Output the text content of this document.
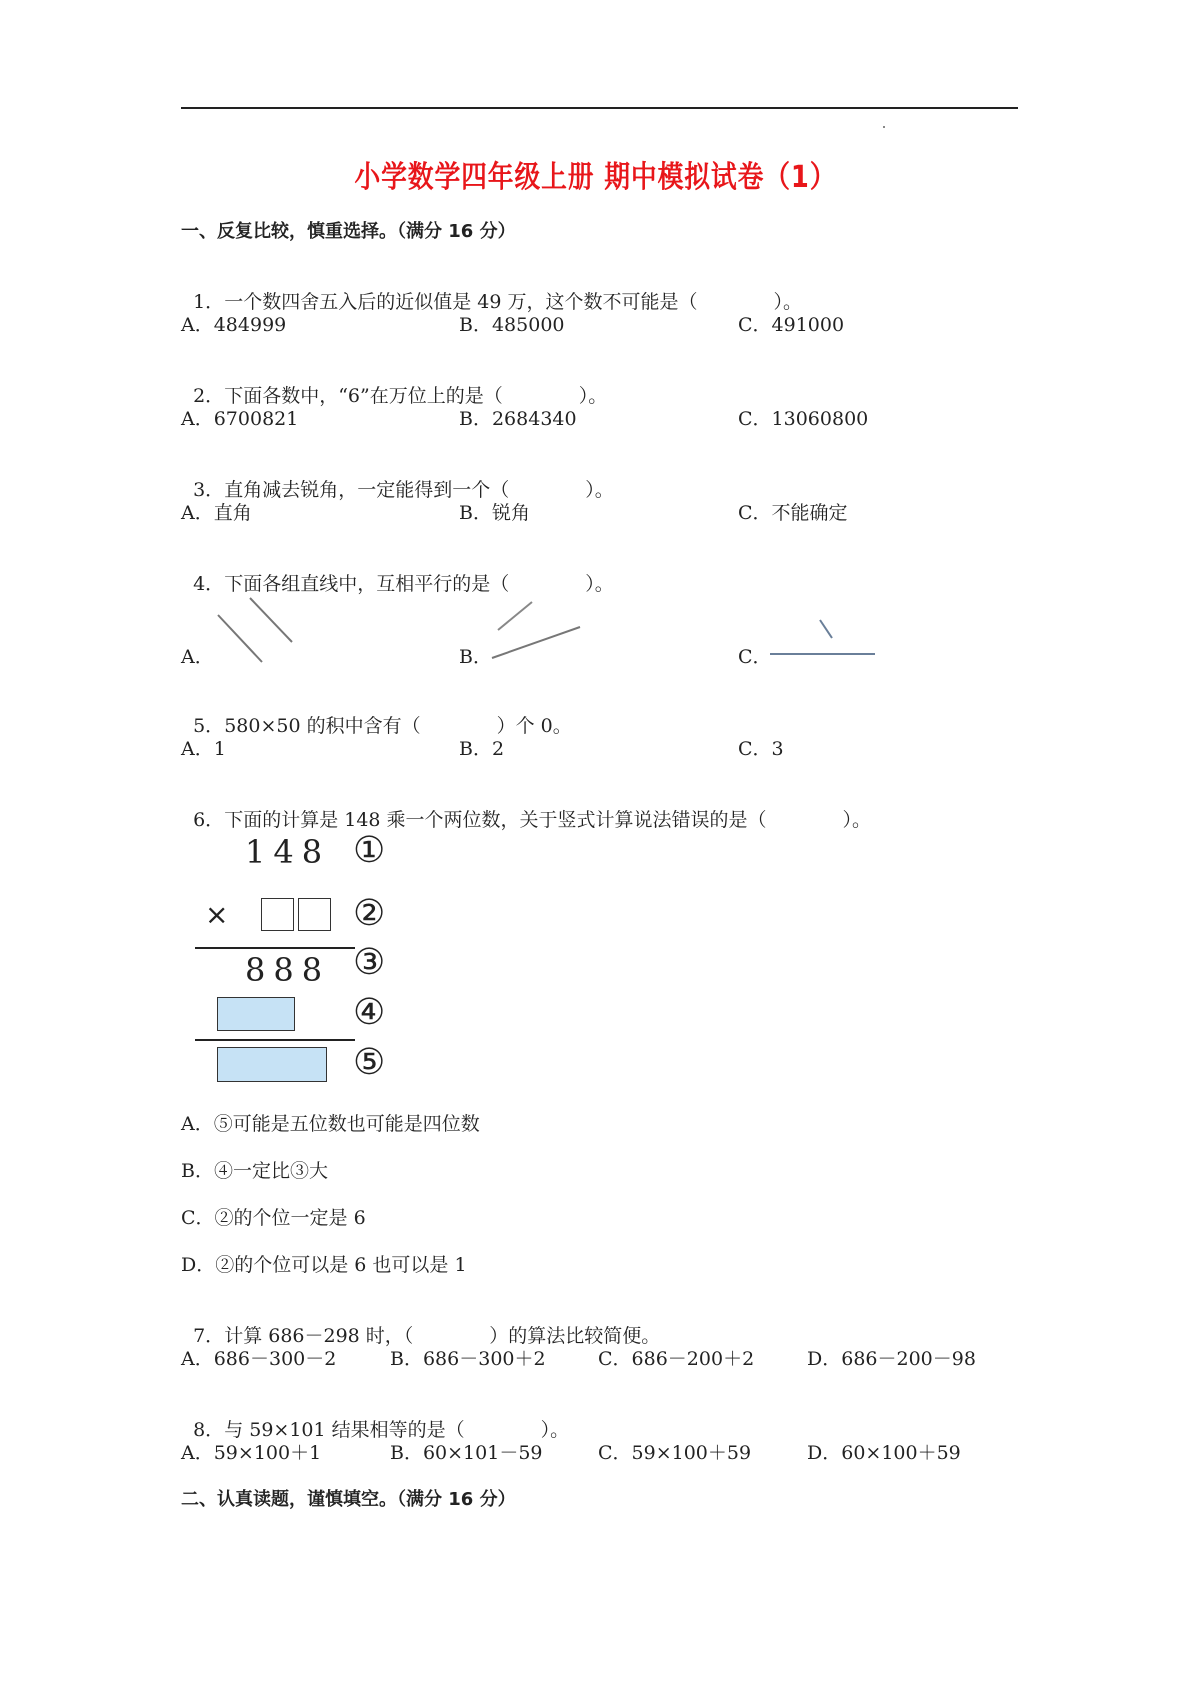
小学数学四年级上册 期中模拟试卷（1）
一、反复比较，慎重选择。（满分 16 分）

1．一个数四舍五入后的近似值是 49 万，这个数不可能是（　　　　）。

A．484999	B．485000	C．491000

2．下面各数中，“6”在万位上的是（　　　　）。

A．6700821	B．2684340	C．13060800

3．直角减去锐角，一定能得到一个（　　　　）。

A．直角	B．锐角	C．不能确定

4．下面各组直线中，互相平行的是（　　　　）。

A．	B．	C．

5．580×50 的积中含有（　　　　）个 0。

A．1	B．2	C．3

6．下面的计算是 148 乘一个两位数，关于竖式计算说法错误的是（　　　　）。

148 ①
×	②
888 ③
④
⑤
A．⑤可能是五位数也可能是四位数
B．④一定比③大
C．②的个位一定是 6
D．②的个位可以是 6 也可以是 1

7．计算 686－298 时，（　　　　）的算法比较简便。

A．686－300－2	B．686－300＋2	C．686－200＋2	D．686－200－98

8．与 59×101 结果相等的是（　　　　）。

A．59×100＋1	B．60×101－59	C．59×100＋59	D．60×100＋59
二、认真读题，谨慎填空。（满分 16 分）
